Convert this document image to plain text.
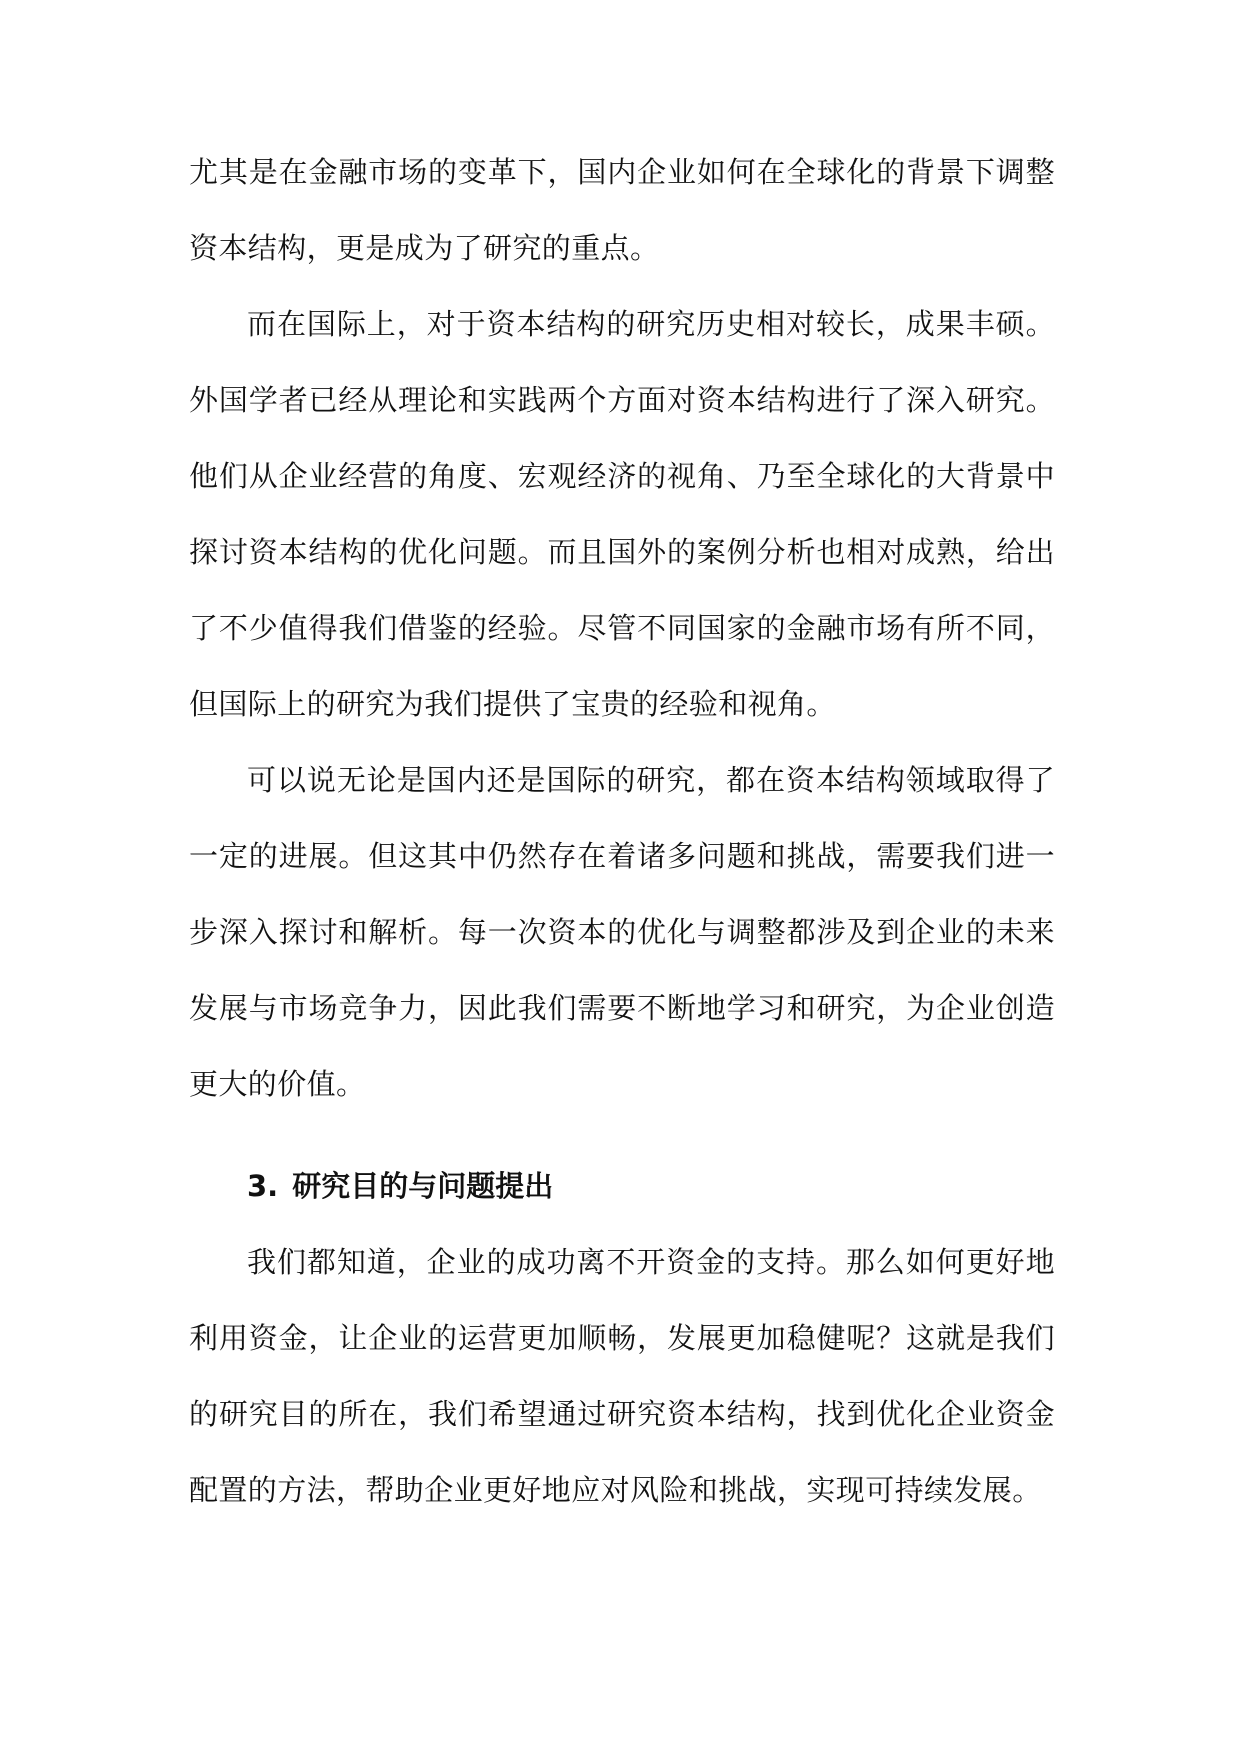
尤其是在金融市场的变革下，国内企业如何在全球化的背景下调整资本结构，更是成为了研究的重点。

而在国际上，对于资本结构的研究历史相对较长，成果丰硕。外国学者已经从理论和实践两个方面对资本结构进行了深入研究。他们从企业经营的角度、宏观经济的视角、乃至全球化的大背景中探讨资本结构的优化问题。而且国外的案例分析也相对成熟，给出了不少值得我们借鉴的经验。尽管不同国家的金融市场有所不同，但国际上的研究为我们提供了宝贵的经验和视角。

可以说无论是国内还是国际的研究，都在资本结构领域取得了一定的进展。但这其中仍然存在着诸多问题和挑战，需要我们进一步深入探讨和解析。每一次资本的优化与调整都涉及到企业的未来发展与市场竞争力，因此我们需要不断地学习和研究，为企业创造更大的价值。

3. 研究目的与问题提出

我们都知道，企业的成功离不开资金的支持。那么如何更好地利用资金，让企业的运营更加顺畅，发展更加稳健呢？这就是我们的研究目的所在，我们希望通过研究资本结构，找到优化企业资金配置的方法，帮助企业更好地应对风险和挑战，实现可持续发展。
